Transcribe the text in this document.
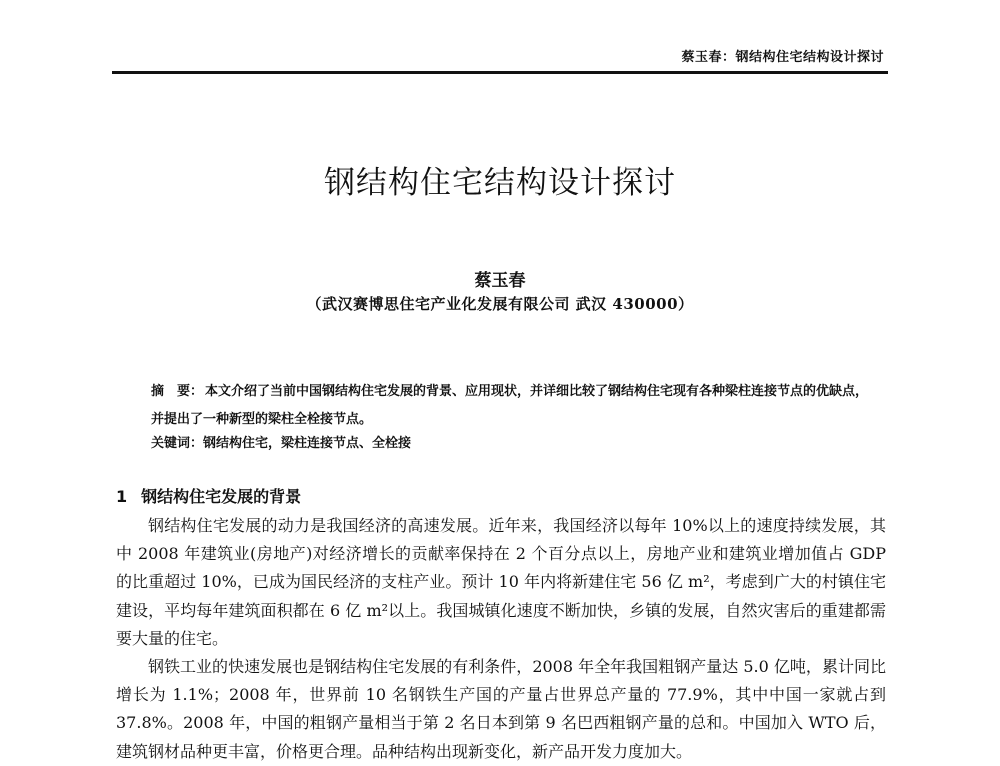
蔡玉春：钢结构住宅结构设计探讨
钢结构住宅结构设计探讨
蔡玉春
（武汉赛博思住宅产业化发展有限公司 武汉 430000）

摘　要： 本文介绍了当前中国钢结构住宅发展的背景、应用现状，并详细比较了钢结构住宅现有各种梁柱连接节点的优缺点，并提出了一种新型的梁柱全栓接节点。

关键词：钢结构住宅，梁柱连接节点、全栓接
1 钢结构住宅发展的背景

钢结构住宅发展的动力是我国经济的高速发展。近年来，我国经济以每年 10%以上的速度持续发展，其中 2008 年建筑业(房地产)对经济增长的贡献率保持在 2 个百分点以上，房地产业和建筑业增加值占 GDP 的比重超过 10%，已成为国民经济的支柱产业。预计 10 年内将新建住宅 56 亿 m²，考虑到广大的村镇住宅建设，平均每年建筑面积都在 6 亿 m²以上。我国城镇化速度不断加快，乡镇的发展，自然灾害后的重建都需要大量的住宅。

钢铁工业的快速发展也是钢结构住宅发展的有利条件，2008 年全年我国粗钢产量达 5.0 亿吨，累计同比增长为 1.1%；2008 年，世界前 10 名钢铁生产国的产量占世界总产量的 77.9%，其中中国一家就占到 37.8%。2008 年，中国的粗钢产量相当于第 2 名日本到第 9 名巴西粗钢产量的总和。中国加入 WTO 后，建筑钢材品种更丰富，价格更合理。品种结构出现新变化，新产品开发力度加大。
